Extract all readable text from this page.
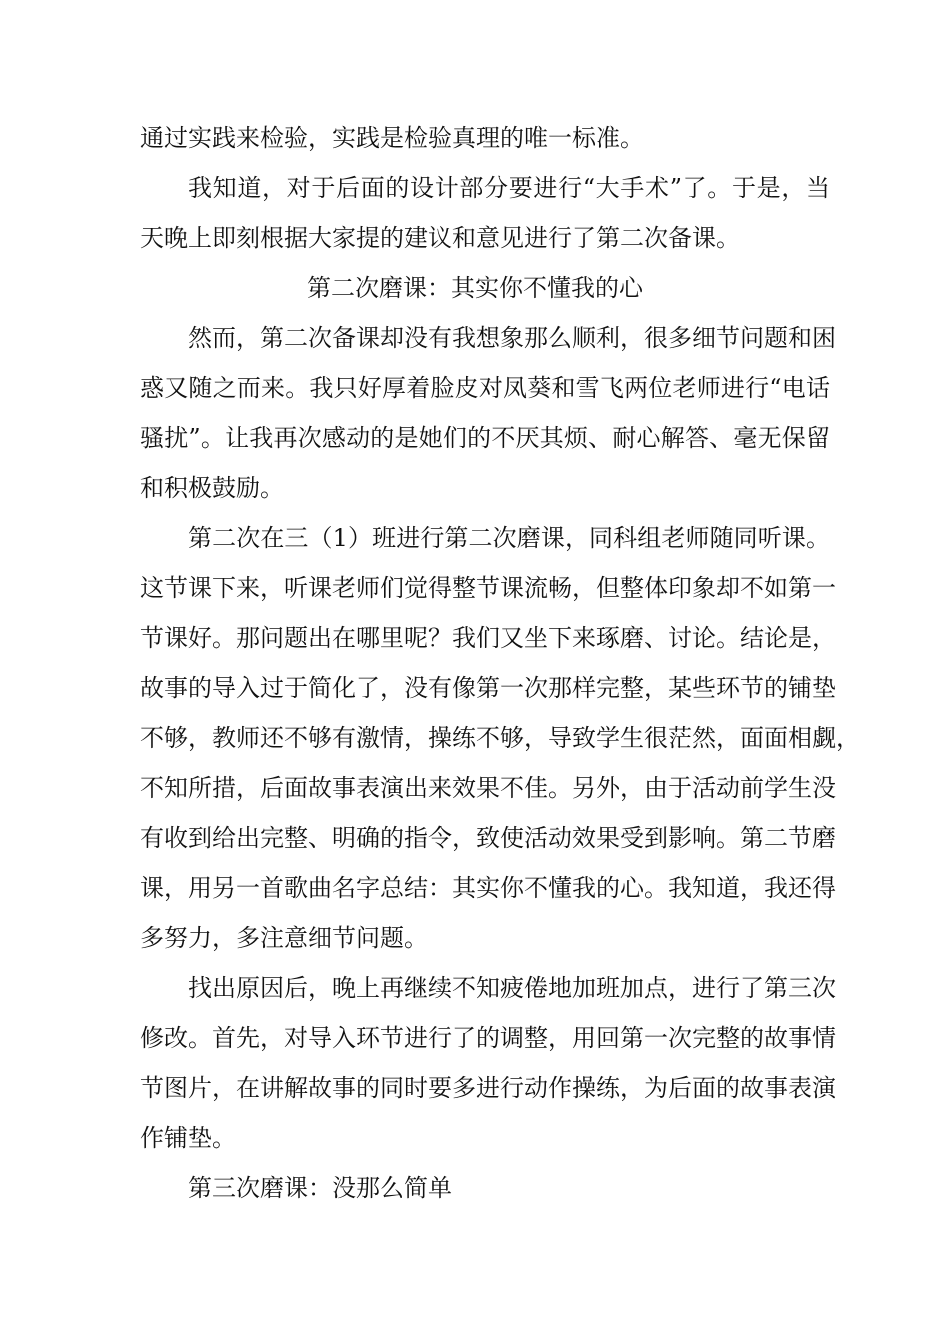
通过实践来检验，实践是检验真理的唯一标准。
我知道，对于后面的设计部分要进行“大手术”了。于是，当
天晚上即刻根据大家提的建议和意见进行了第二次备课。
第二次磨课：其实你不懂我的心
然而，第二次备课却没有我想象那么顺利，很多细节问题和困
惑又随之而来。我只好厚着脸皮对凤葵和雪飞两位老师进行“电话
骚扰”。让我再次感动的是她们的不厌其烦、耐心解答、毫无保留
和积极鼓励。
第二次在三（1）班进行第二次磨课，同科组老师随同听课。
这节课下来，听课老师们觉得整节课流畅，但整体印象却不如第一
节课好。那问题出在哪里呢？我们又坐下来琢磨、讨论。结论是，
故事的导入过于简化了，没有像第一次那样完整，某些环节的铺垫
不够，教师还不够有激情，操练不够，导致学生很茫然，面面相觑，
不知所措，后面故事表演出来效果不佳。另外，由于活动前学生没
有收到给出完整、明确的指令，致使活动效果受到影响。第二节磨
课，用另一首歌曲名字总结：其实你不懂我的心。我知道，我还得
多努力，多注意细节问题。
找出原因后，晚上再继续不知疲倦地加班加点，进行了第三次
修改。首先，对导入环节进行了的调整，用回第一次完整的故事情
节图片，在讲解故事的同时要多进行动作操练，为后面的故事表演
作铺垫。
第三次磨课：没那么简单
